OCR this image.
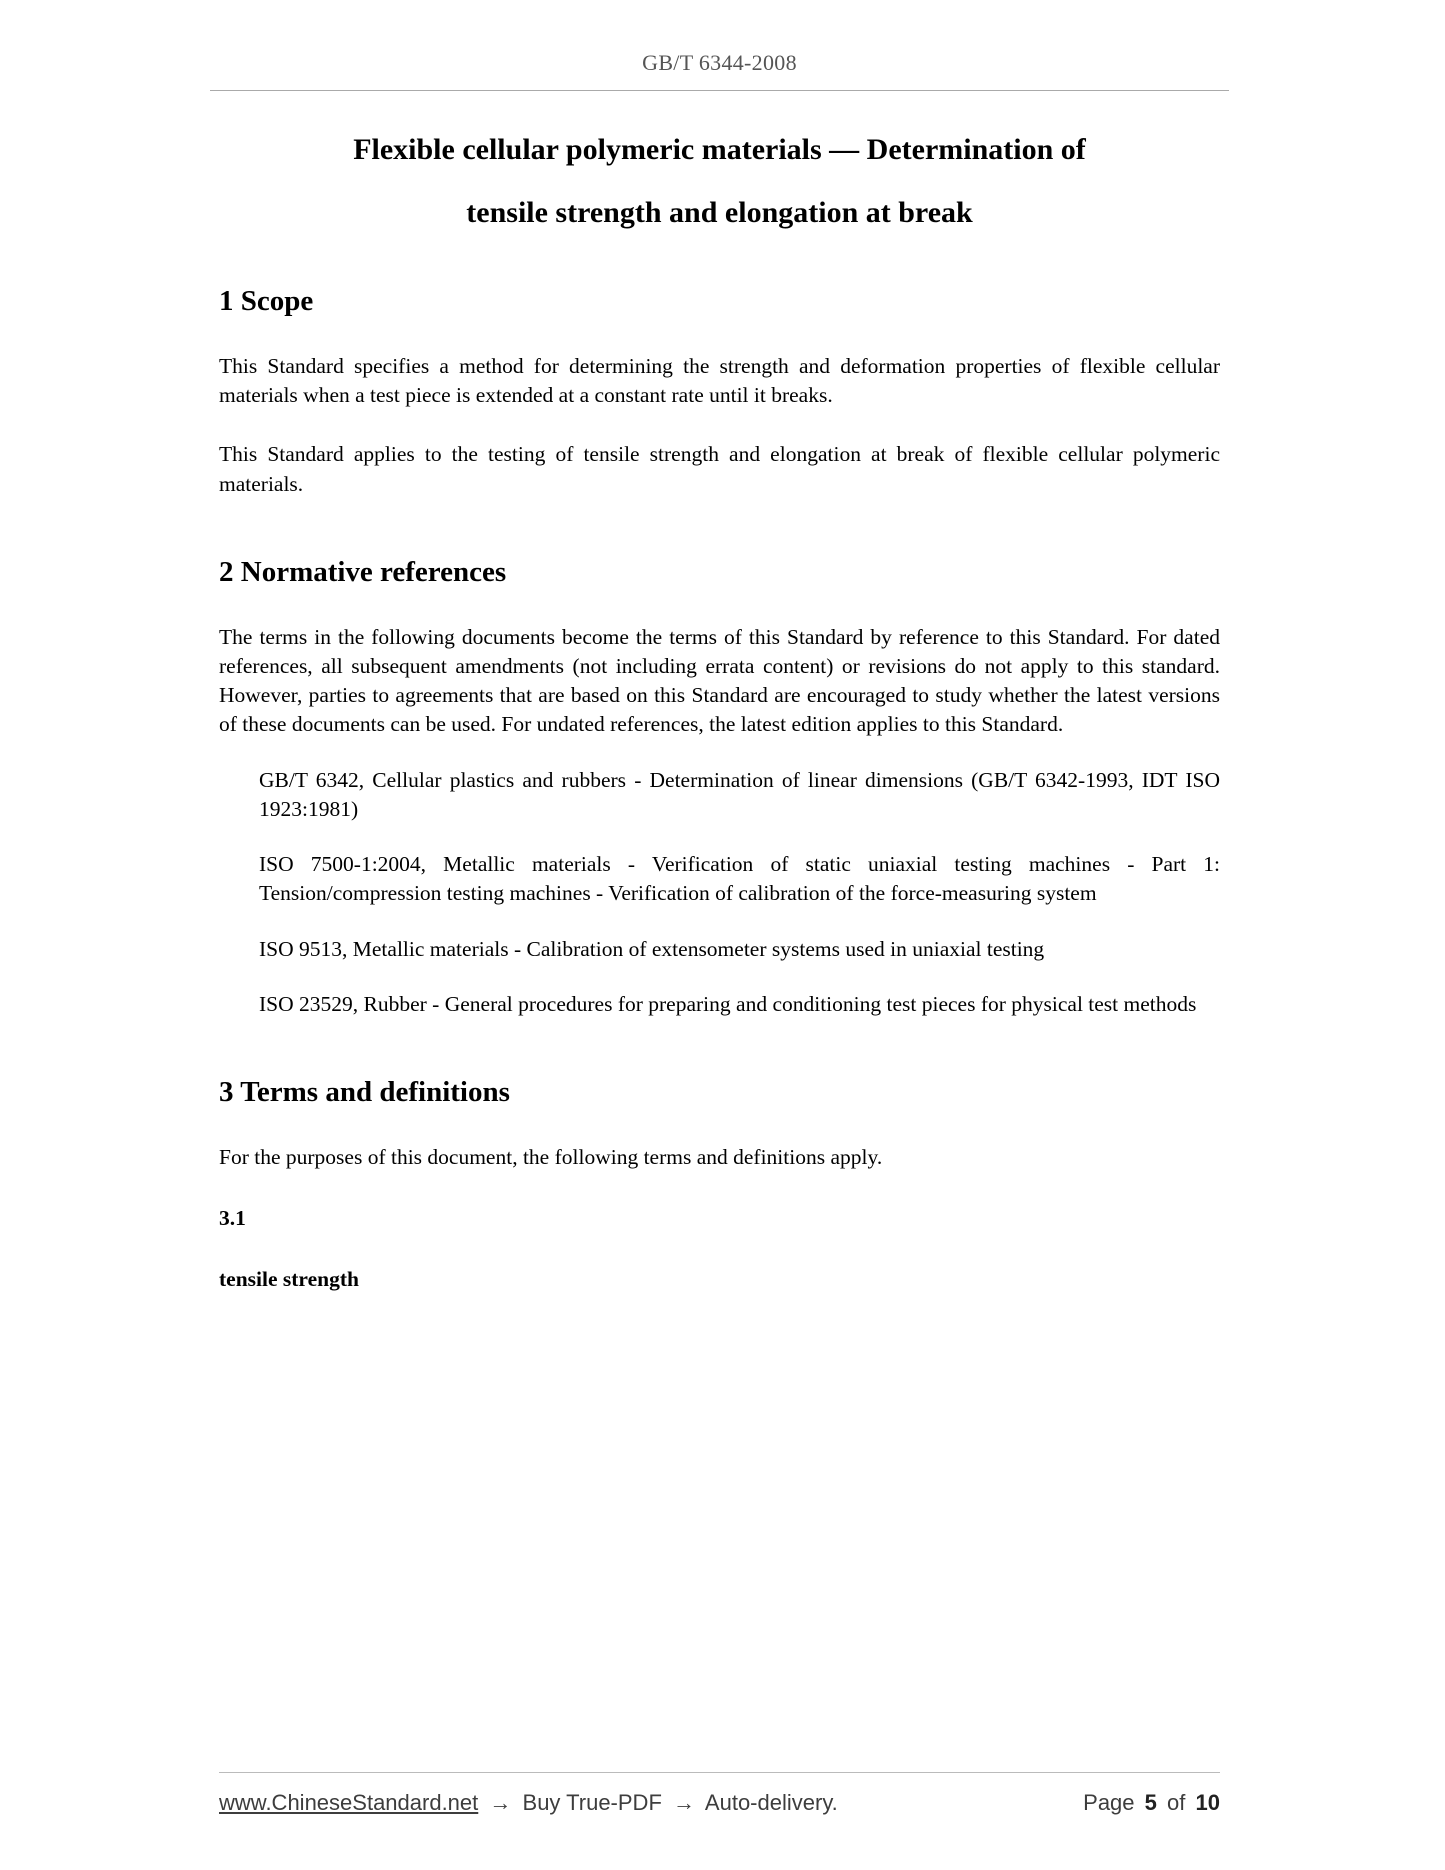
GB/T 6344-2008
Flexible cellular polymeric materials — Determination of
tensile strength and elongation at break
1 Scope

This Standard specifies a method for determining the strength and deformation properties of flexible cellular materials when a test piece is extended at a constant rate until it breaks.

This Standard applies to the testing of tensile strength and elongation at break of flexible cellular polymeric materials.

2 Normative references

The terms in the following documents become the terms of this Standard by reference to this Standard. For dated references, all subsequent amendments (not including errata content) or revisions do not apply to this standard. However, parties to agreements that are based on this Standard are encouraged to study whether the latest versions of these documents can be used. For undated references, the latest edition applies to this Standard.

GB/T 6342, Cellular plastics and rubbers - Determination of linear dimensions (GB/T 6342-1993, IDT ISO 1923:1981)

ISO 7500-1:2004, Metallic materials - Verification of static uniaxial testing machines - Part 1: Tension/compression testing machines - Verification of calibration of the force-measuring system

ISO 9513, Metallic materials - Calibration of extensometer systems used in uniaxial testing

ISO 23529, Rubber - General procedures for preparing and conditioning test pieces for physical test methods

3 Terms and definitions

For the purposes of this document, the following terms and definitions apply.

3.1

tensile strength

www.ChineseStandard.net → Buy True-PDF → Auto-delivery.	Page 5 of 10
